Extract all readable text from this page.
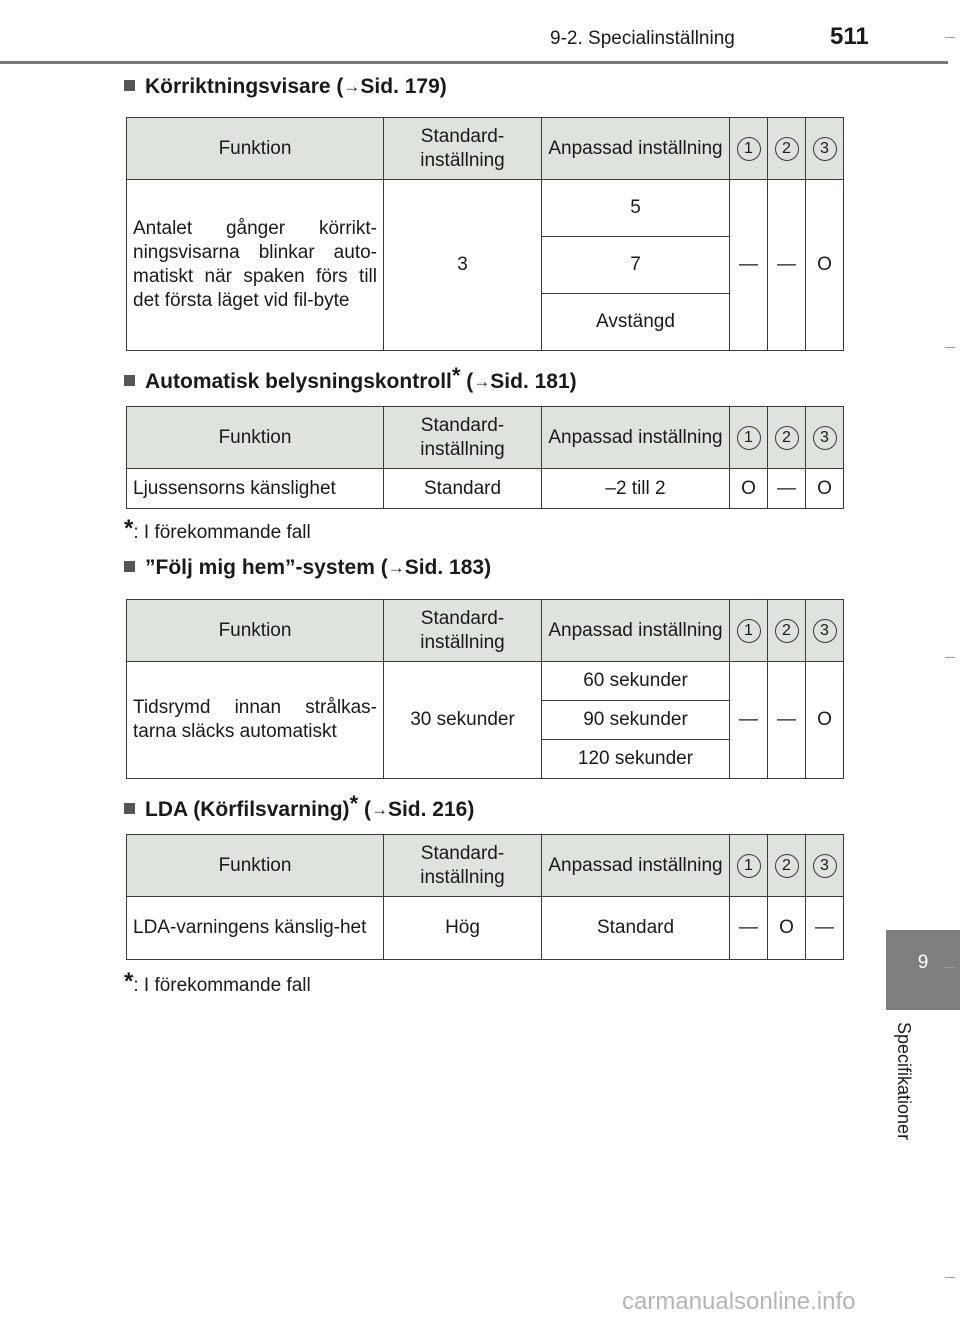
9-2. Specialinställning	511
Körriktningsvisare (→Sid. 179)
Funktion	Standard-inställning	Anpassad inställning	1	2	3
Antalet gånger körrikt-ningsvisarna blinkar auto-matiskt när spaken förs till det första läget vid fil-byte	3	5	—	—	O
		7			
		Avstängd			
Automatisk belysningskontroll* (→Sid. 181)
Funktion	Standard-inställning	Anpassad inställning	1	2	3
Ljussensorns känslighet	Standard	–2 till 2	O	—	O
*: I förekommande fall
”Följ mig hem”-system (→Sid. 183)
Funktion	Standard-inställning	Anpassad inställning	1	2	3
Tidsrymd innan strålkas-tarna släcks automatiskt	30 sekunder	60 sekunder	—	—	O
		90 sekunder			
		120 sekunder			
LDA (Körfilsvarning)* (→Sid. 216)
Funktion	Standard-inställning	Anpassad inställning	1	2	3
LDA-varningens känslig-het	Hög	Standard	—	O	—
*: I förekommande fall
9
Specifikationer
carmanualsonline.info
